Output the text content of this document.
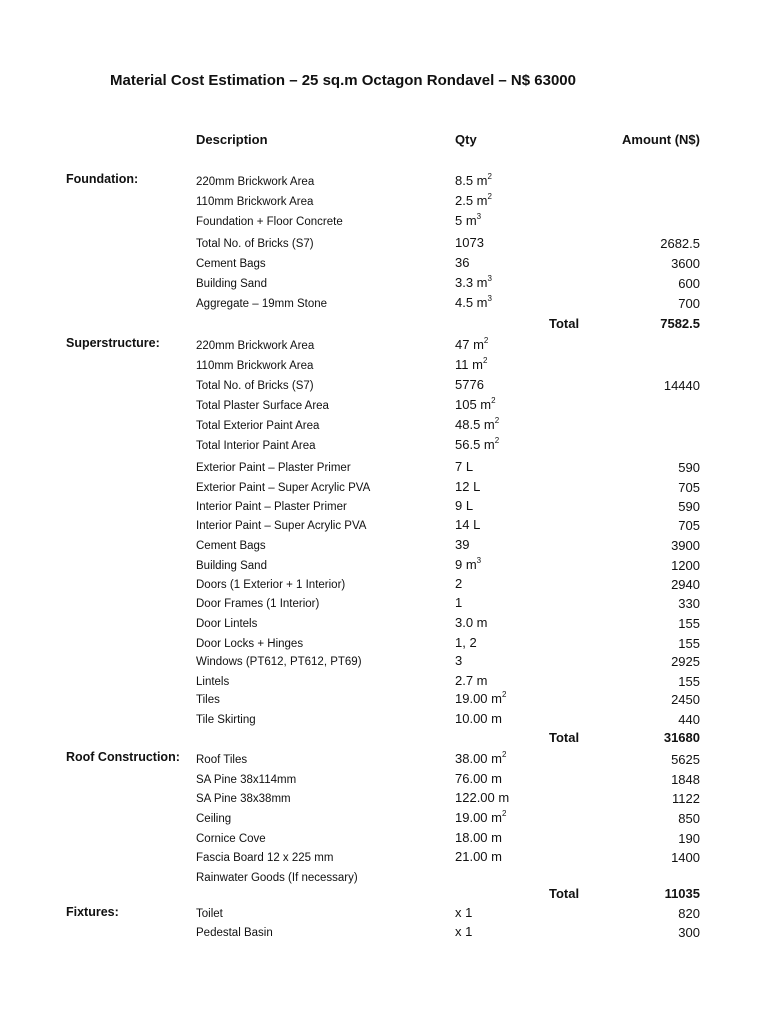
Material Cost Estimation – 25 sq.m Octagon Rondavel – N$ 63000
Description	Qty	Amount (N$)
Foundation:	220mm Brickwork Area	8.5 $m^2$
110mm Brickwork Area	2.5 $m^2$
Foundation + Floor Concrete	5 $m^3$
Total No. of Bricks (S7)	1073	2682.5
Cement Bags	36	3600
Building Sand	3.3 $m^3$	600
Aggregate – 19mm Stone	4.5 $m^3$	700
Total	7582.5
Superstructure:	220mm Brickwork Area	47 $m^2$
110mm Brickwork Area	11 $m^2$
Total No. of Bricks (S7)	5776	14440
Total Plaster Surface Area	105 $m^2$
Total Exterior Paint Area	48.5 $m^2$
Total Interior Paint Area	56.5 $m^2$
Exterior Paint – Plaster Primer	7 L	590
Exterior Paint – Super Acrylic PVA	12 L	705
Interior Paint – Plaster Primer	9 L	590
Interior Paint – Super Acrylic PVA	14 L	705
Cement Bags	39	3900
Building Sand	9 $m^3$	1200
Doors (1 Exterior + 1 Interior)	2	2940
Door Frames (1 Interior)	1	330
Door Lintels	3.0 m	155
Door Locks + Hinges	1, 2	155
Windows (PT612, PT612, PT69)	3	2925
Lintels	2.7 m	155
Tiles	19.00 $m^2$	2450
Tile Skirting	10.00 m	440
Total	31680
Roof Construction: Roof Tiles	38.00 $m^2$	5625
SA Pine 38x114mm	76.00 m	1848
SA Pine 38x38mm	122.00 m	1122
Ceiling	19.00 $m^2$	850
Cornice Cove	18.00 m	190
Fascia Board 12 x 225 mm	21.00 m	1400
Rainwater Goods (If necessary)
Total	11035
Fixtures:	Toilet	x 1	820
Pedestal Basin	x 1	300
